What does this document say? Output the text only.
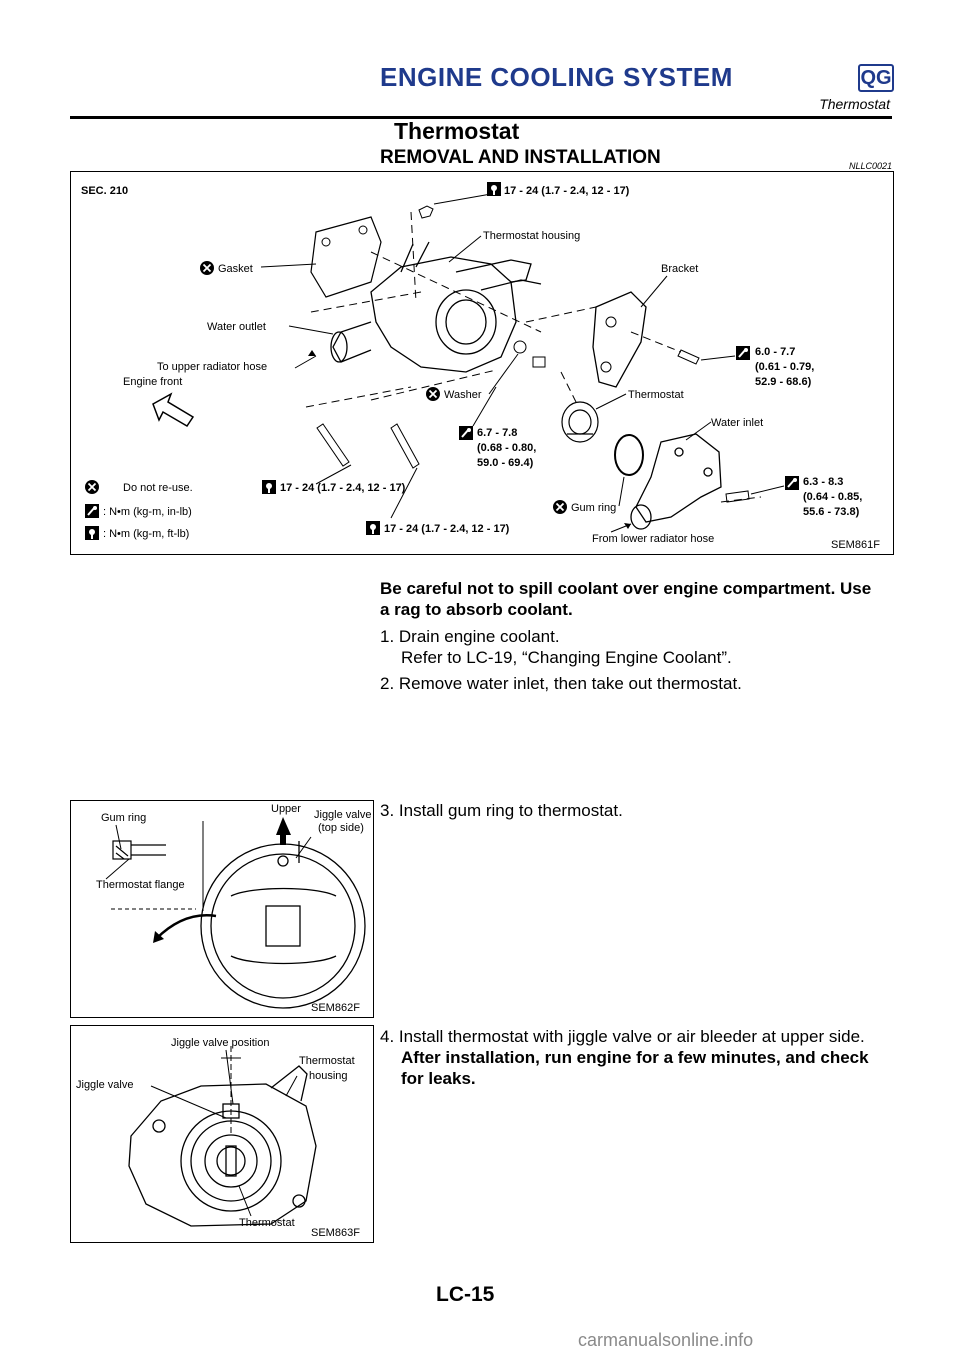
ENGINE COOLING SYSTEM	QG
Thermostat
Thermostat
REMOVAL AND INSTALLATION	NLLC0021
SEC. 210	17 - 24 (1.7 - 2.4, 12 - 17)
Thermostat housing
Gasket	Bracket
6.0 - 7.7
(0.61 - 0.79,
52.9 - 68.6)
Water outlet
To upper radiator hose
Engine front
Washer	Thermostat
Water inlet
6.3 - 8.3
(0.64 - 0.85,
55.6 - 73.8)
6.7 - 7.8
(0.68 - 0.80,
59.0 - 69.4)
Gum ring
From lower radiator hose
17 - 24 (1.7 - 2.4, 12 - 17)
17 - 24 (1.7 - 2.4, 12 - 17)
Do not re-use.
: N•m (kg-m, in-lb)
: N•m (kg-m, ft-lb)
SEM861F
Be careful not to spill coolant over engine compartment. Use
a rag to absorb coolant.
1. Drain engine coolant.
Refer to LC-19, “Changing Engine Coolant”.
2. Remove water inlet, then take out thermostat.
Gum ring
Upper Jiggle valve
(top side)
Thermostat flange
SEM862F
3. Install gum ring to thermostat.
Jiggle valve position
Thermostat
housing
Jiggle valve
Thermostat
SEM863F
4. Install thermostat with jiggle valve or air bleeder at upper side.
After installation, run engine for a few minutes, and check
for leaks.
LC-15
carmanualsonline.info
